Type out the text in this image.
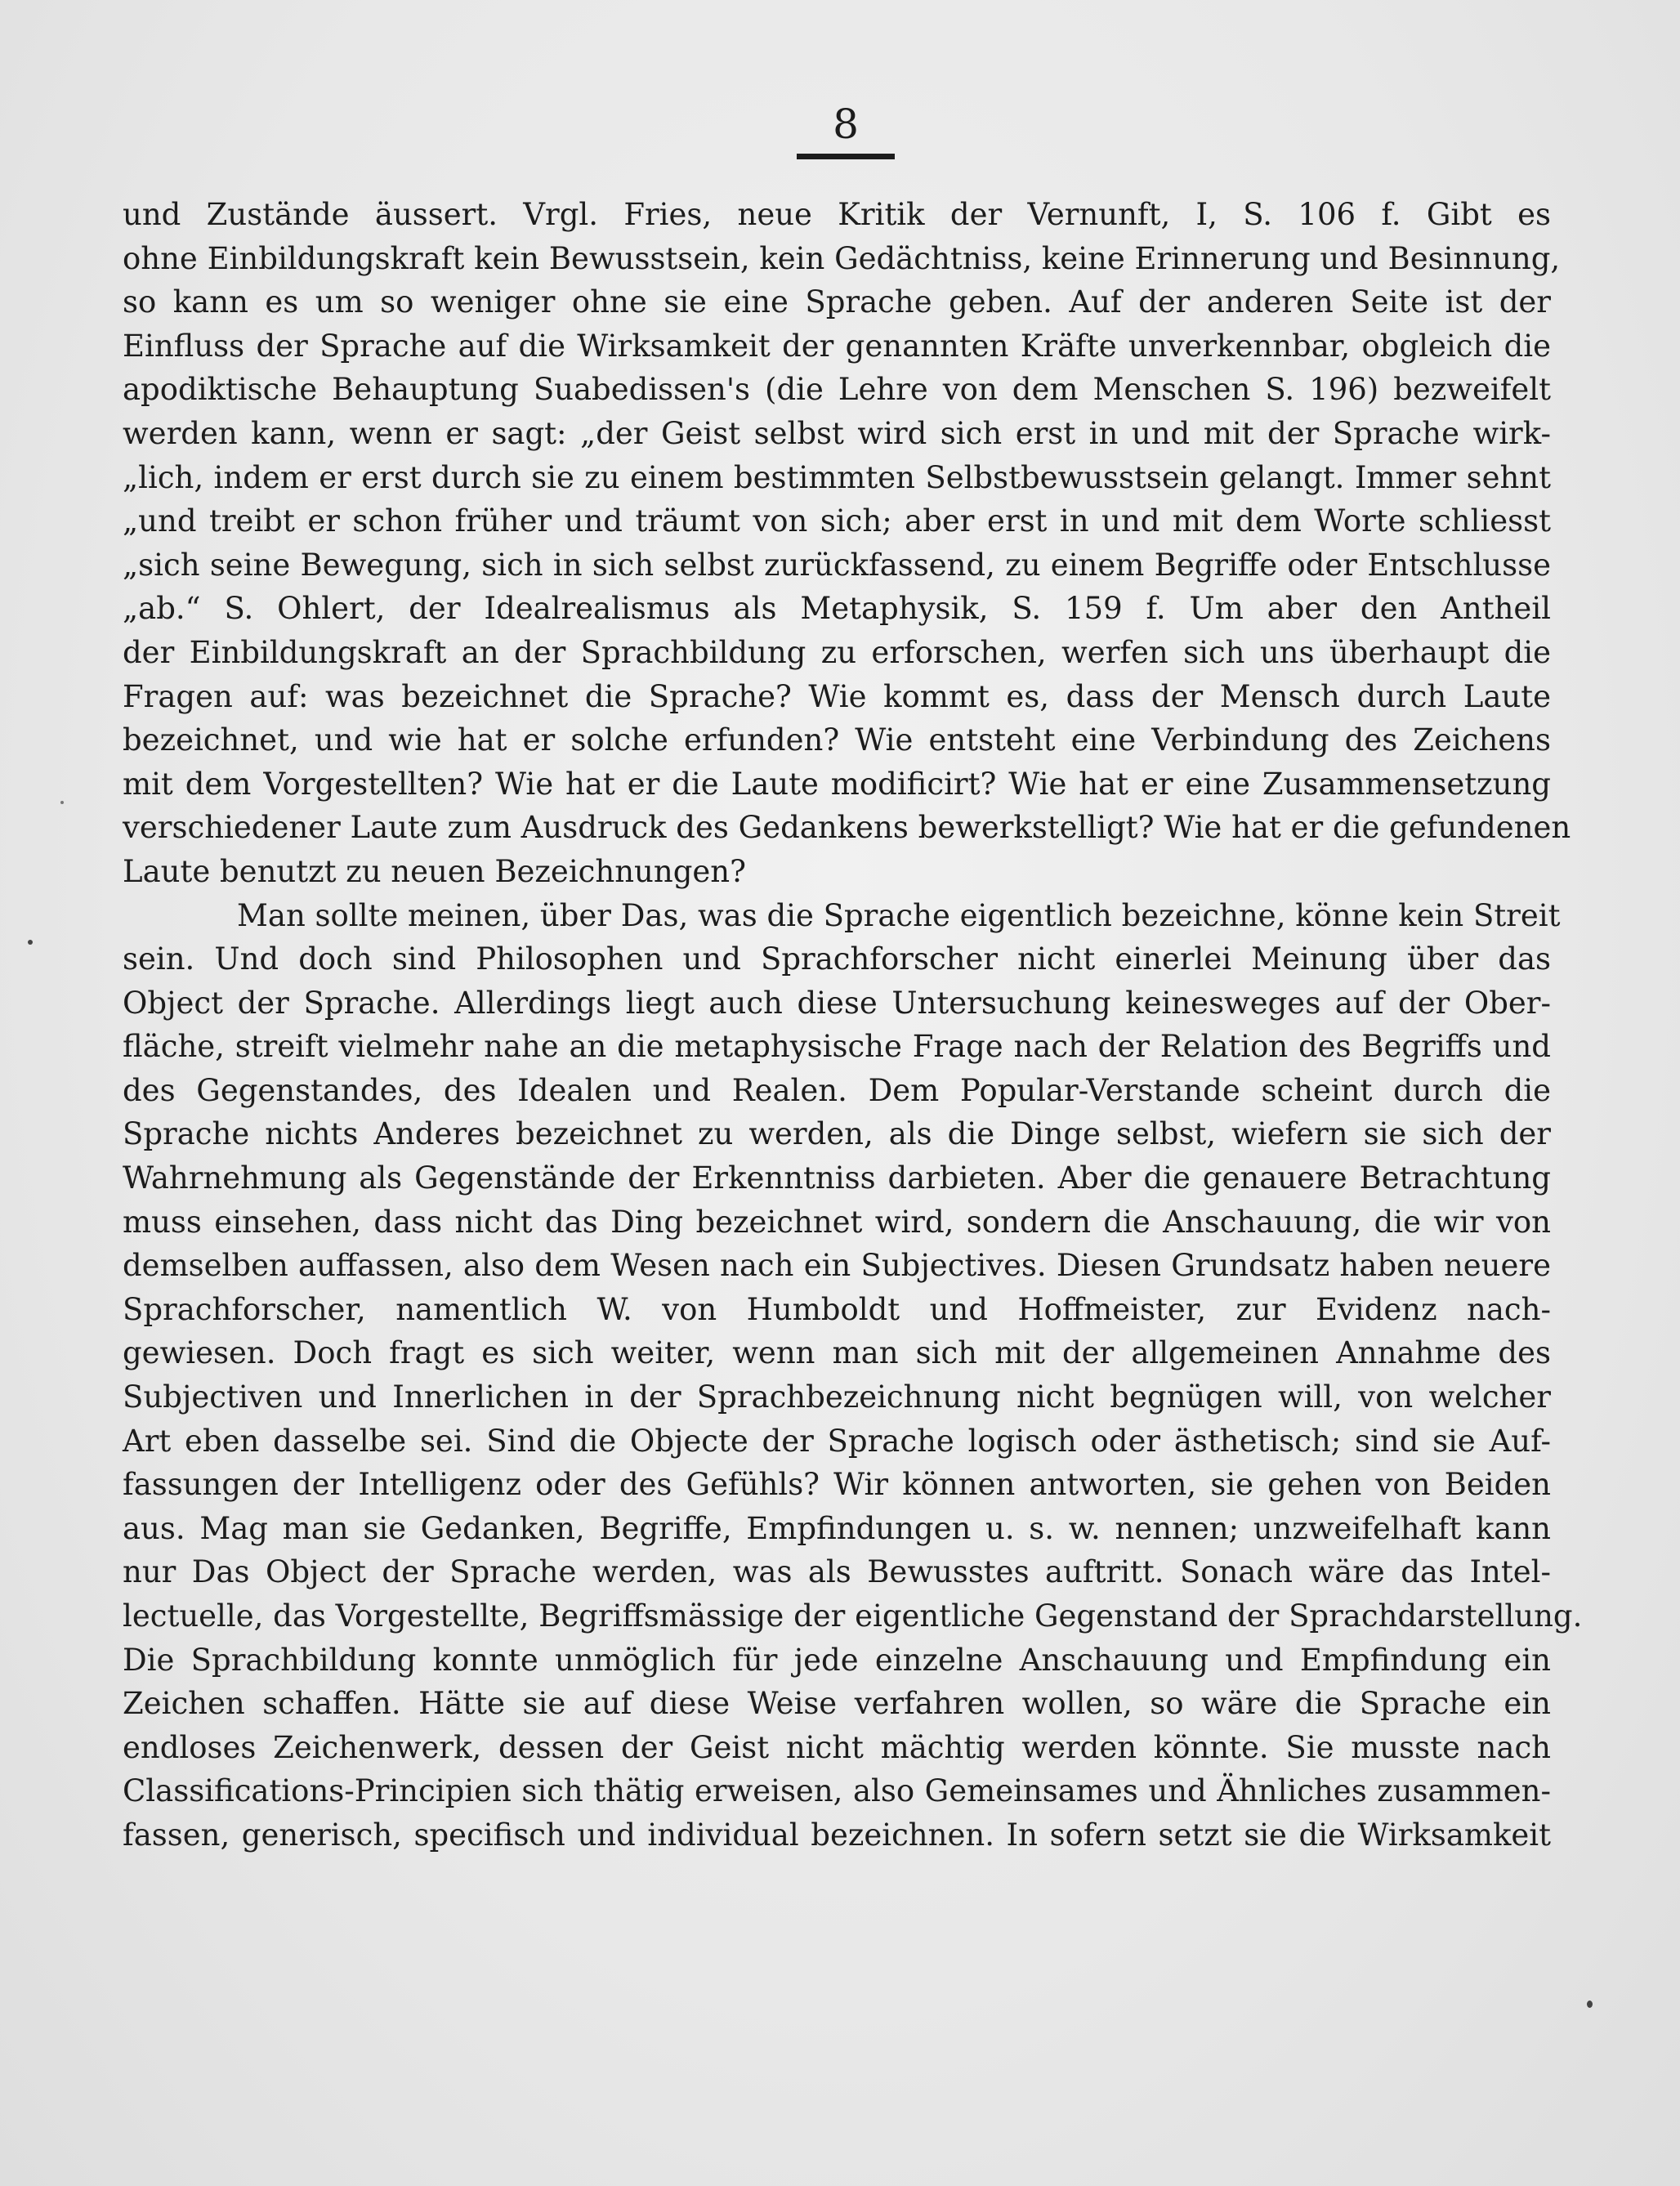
8
und Zustände äussert. Vrgl. Fries, neue Kritik der Vernunft, I, S. 106 f. Gibt es
ohne Einbildungskraft kein Bewusstsein, kein Gedächtniss, keine Erinnerung und Besinnung,
so kann es um so weniger ohne sie eine Sprache geben. Auf der anderen Seite ist der
Einfluss der Sprache auf die Wirksamkeit der genannten Kräfte unverkennbar, obgleich die
apodiktische Behauptung Suabedissen's (die Lehre von dem Menschen S. 196) bezweifelt
werden kann, wenn er sagt: „der Geist selbst wird sich erst in und mit der Sprache wirk-
„lich, indem er erst durch sie zu einem bestimmten Selbstbewusstsein gelangt. Immer sehnt
„und treibt er schon früher und träumt von sich; aber erst in und mit dem Worte schliesst
„sich seine Bewegung, sich in sich selbst zurückfassend, zu einem Begriffe oder Entschlusse
„ab.“ S. Ohlert, der Idealrealismus als Metaphysik, S. 159 f. Um aber den Antheil
der Einbildungskraft an der Sprachbildung zu erforschen, werfen sich uns überhaupt die
Fragen auf: was bezeichnet die Sprache? Wie kommt es, dass der Mensch durch Laute
bezeichnet, und wie hat er solche erfunden? Wie entsteht eine Verbindung des Zeichens
mit dem Vorgestellten? Wie hat er die Laute modificirt? Wie hat er eine Zusammensetzung
verschiedener Laute zum Ausdruck des Gedankens bewerkstelligt? Wie hat er die gefundenen
Laute benutzt zu neuen Bezeichnungen?
Man sollte meinen, über Das, was die Sprache eigentlich bezeichne, könne kein Streit
sein. Und doch sind Philosophen und Sprachforscher nicht einerlei Meinung über das
Object der Sprache. Allerdings liegt auch diese Untersuchung keinesweges auf der Ober-
fläche, streift vielmehr nahe an die metaphysische Frage nach der Relation des Begriffs und
des Gegenstandes, des Idealen und Realen. Dem Popular-Verstande scheint durch die
Sprache nichts Anderes bezeichnet zu werden, als die Dinge selbst, wiefern sie sich der
Wahrnehmung als Gegenstände der Erkenntniss darbieten. Aber die genauere Betrachtung
muss einsehen, dass nicht das Ding bezeichnet wird, sondern die Anschauung, die wir von
demselben auffassen, also dem Wesen nach ein Subjectives. Diesen Grundsatz haben neuere
Sprachforscher, namentlich W. von Humboldt und Hoffmeister, zur Evidenz nach-
gewiesen. Doch fragt es sich weiter, wenn man sich mit der allgemeinen Annahme des
Subjectiven und Innerlichen in der Sprachbezeichnung nicht begnügen will, von welcher
Art eben dasselbe sei. Sind die Objecte der Sprache logisch oder ästhetisch; sind sie Auf-
fassungen der Intelligenz oder des Gefühls? Wir können antworten, sie gehen von Beiden
aus. Mag man sie Gedanken, Begriffe, Empfindungen u. s. w. nennen; unzweifelhaft kann
nur Das Object der Sprache werden, was als Bewusstes auftritt. Sonach wäre das Intel-
lectuelle, das Vorgestellte, Begriffsmässige der eigentliche Gegenstand der Sprachdarstellung.
Die Sprachbildung konnte unmöglich für jede einzelne Anschauung und Empfindung ein
Zeichen schaffen. Hätte sie auf diese Weise verfahren wollen, so wäre die Sprache ein
endloses Zeichenwerk, dessen der Geist nicht mächtig werden könnte. Sie musste nach
Classifications-Principien sich thätig erweisen, also Gemeinsames und Ähnliches zusammen-
fassen, generisch, specifisch und individual bezeichnen. In sofern setzt sie die Wirksamkeit
